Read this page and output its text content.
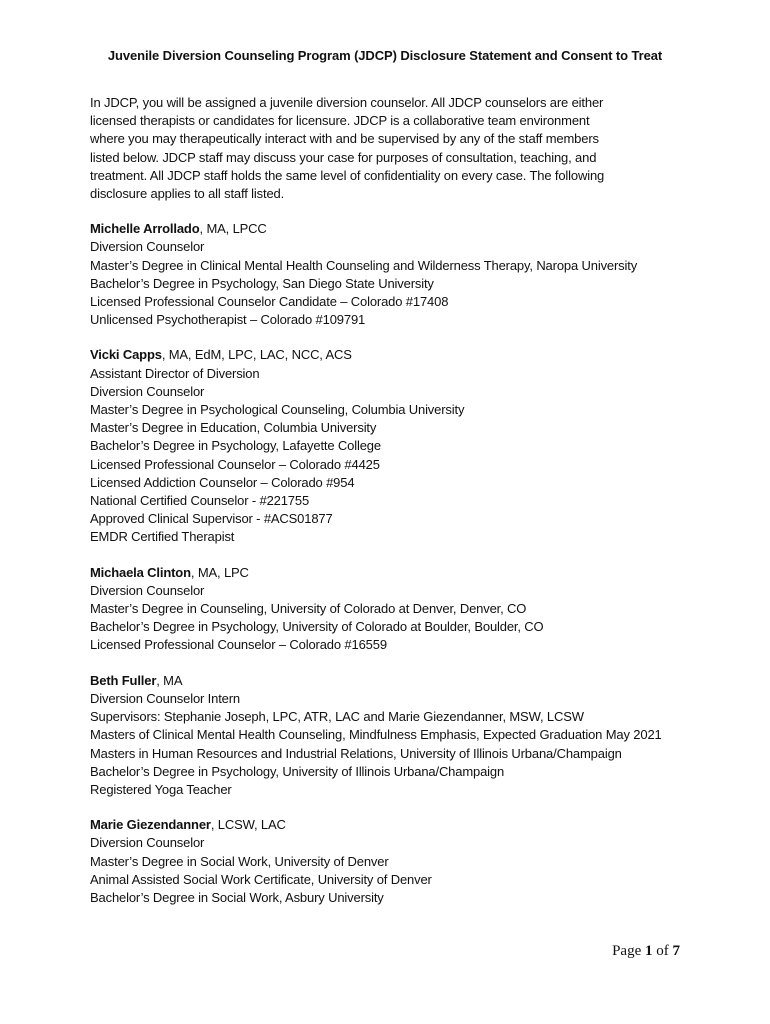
Juvenile Diversion Counseling Program (JDCP) Disclosure Statement and Consent to Treat
In JDCP, you will be assigned a juvenile diversion counselor. All JDCP counselors are either
licensed therapists or candidates for licensure. JDCP is a collaborative team environment
where you may therapeutically interact with and be supervised by any of the staff members
listed below. JDCP staff may discuss your case for purposes of consultation, teaching, and
treatment. All JDCP staff holds the same level of confidentiality on every case. The following
disclosure applies to all staff listed.
Michelle Arrollado, MA, LPCC
Diversion Counselor
Master’s Degree in Clinical Mental Health Counseling and Wilderness Therapy, Naropa University
Bachelor’s Degree in Psychology, San Diego State University
Licensed Professional Counselor Candidate – Colorado #17408
Unlicensed Psychotherapist – Colorado #109791
Vicki Capps, MA, EdM, LPC, LAC, NCC, ACS
Assistant Director of Diversion
Diversion Counselor
Master’s Degree in Psychological Counseling, Columbia University
Master’s Degree in Education, Columbia University
Bachelor’s Degree in Psychology, Lafayette College
Licensed Professional Counselor – Colorado #4425
Licensed Addiction Counselor – Colorado #954
National Certified Counselor - #221755
Approved Clinical Supervisor - #ACS01877
EMDR Certified Therapist
Michaela Clinton, MA, LPC
Diversion Counselor
Master’s Degree in Counseling, University of Colorado at Denver, Denver, CO
Bachelor’s Degree in Psychology, University of Colorado at Boulder, Boulder, CO
Licensed Professional Counselor – Colorado #16559
Beth Fuller, MA
Diversion Counselor Intern
Supervisors: Stephanie Joseph, LPC, ATR, LAC and Marie Giezendanner, MSW, LCSW
Masters of Clinical Mental Health Counseling, Mindfulness Emphasis, Expected Graduation May 2021
Masters in Human Resources and Industrial Relations, University of Illinois Urbana/Champaign
Bachelor’s Degree in Psychology, University of Illinois Urbana/Champaign
Registered Yoga Teacher
Marie Giezendanner, LCSW, LAC
Diversion Counselor
Master’s Degree in Social Work, University of Denver
Animal Assisted Social Work Certificate, University of Denver
Bachelor’s Degree in Social Work, Asbury University
Page 1 of 7
